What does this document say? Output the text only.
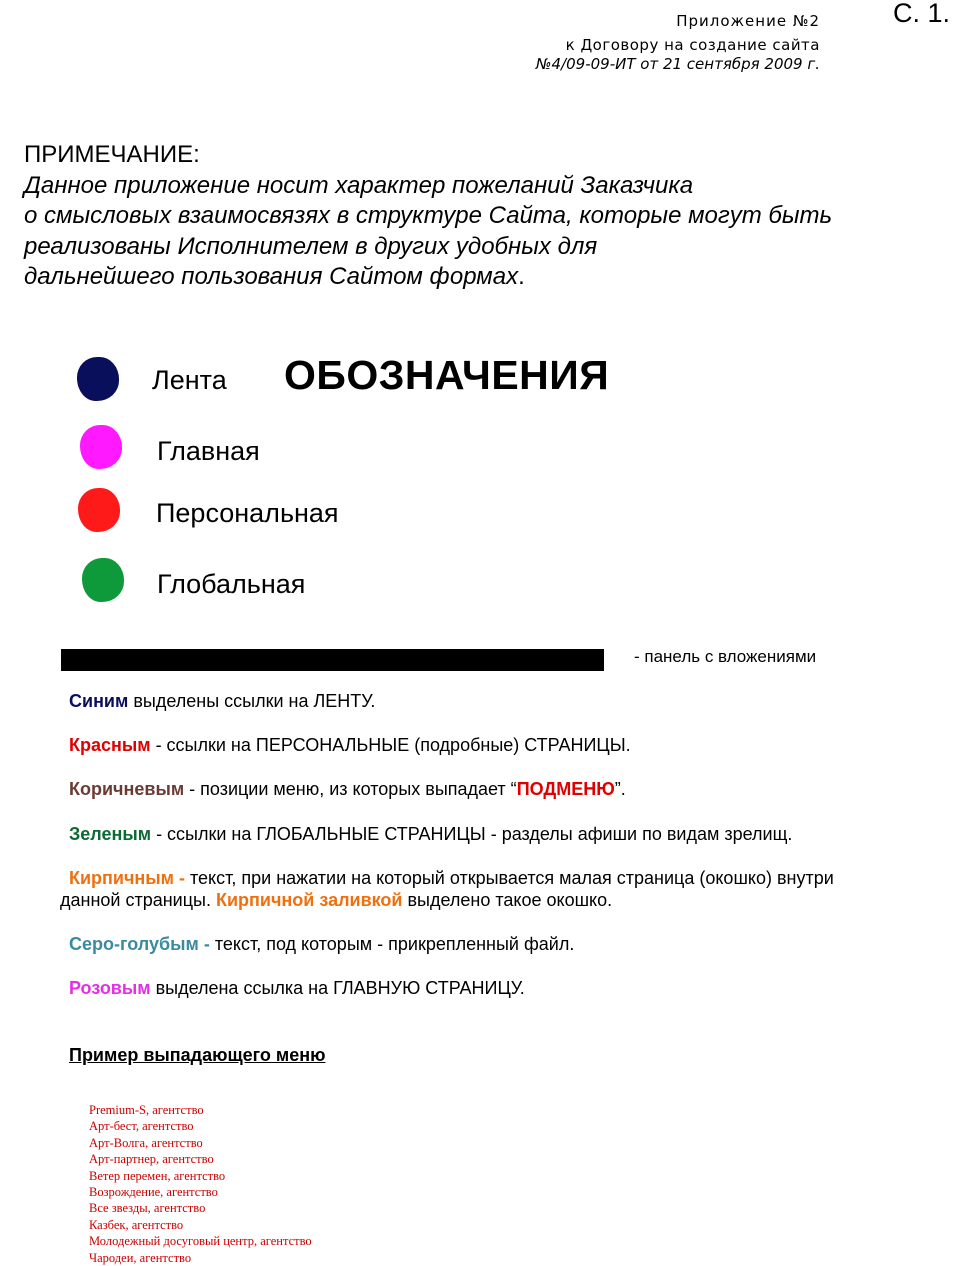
Приложение №2
к Договору на создание сайта
№4/09-09-ИТ от 21 сентября 2009 г.
С. 1.
ПРИМЕЧАНИЕ:
Данное приложение носит характер пожеланий Заказчика
о смысловых взаимосвязях в структуре Сайта, которые могут быть
реализованы Исполнителем в других удобных для
дальнейшего пользования Сайтом формах.
ОБОЗНАЧЕНИЯ
Лента
Главная
Персональная
Глобальная
- панель с вложениями
Синим выделены ссылки на ЛЕНТУ.
Красным - ссылки на ПЕРСОНАЛЬНЫЕ (подробные) СТРАНИЦЫ.
Коричневым - позиции меню, из которых выпадает “ПОДМЕНЮ”.
Зеленым - ссылки на ГЛОБАЛЬНЫЕ СТРАНИЦЫ - разделы афиши по видам зрелищ.
Кирпичным - текст, при нажатии на который открывается малая страница (окошко) внутри
данной страницы. Кирпичной заливкой выделено такое окошко.
Серо-голубым - текст, под которым - прикрепленный файл.
Розовым выделена ссылка на ГЛАВНУЮ СТРАНИЦУ.
Пример выпадающего меню
Premium-S, агентство
Арт-бест, агентство
Арт-Волга, агентство
Арт-партнер, агентство
Ветер перемен, агентство
Возрождение, агентство
Все звезды, агентство
Казбек, агентство
Молодежный досуговый центр, агентство
Чародеи, агентство
